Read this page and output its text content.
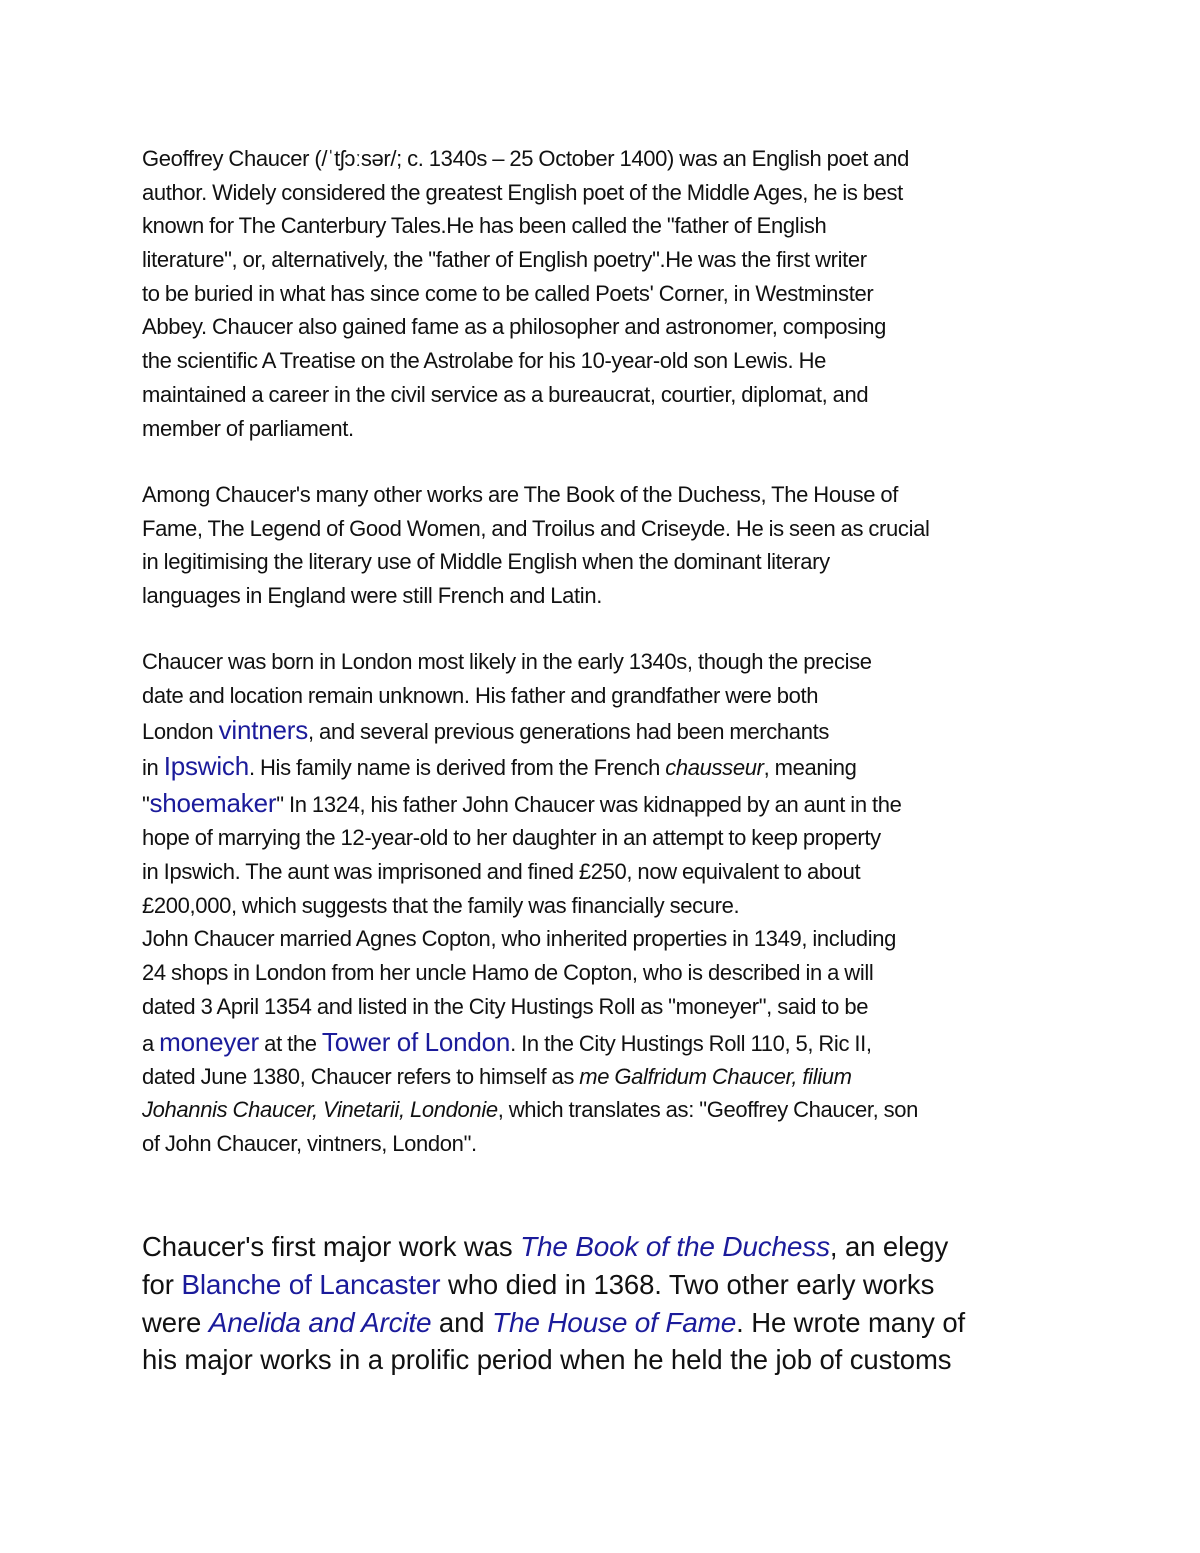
Geoffrey Chaucer (/ˈtʃɔːsər/; c. 1340s – 25 October 1400) was an English poet and
author. Widely considered the greatest English poet of the Middle Ages, he is best
known for The Canterbury Tales.He has been called the "father of English
literature", or, alternatively, the "father of English poetry".He was the first writer
to be buried in what has since come to be called Poets' Corner, in Westminster
Abbey. Chaucer also gained fame as a philosopher and astronomer, composing
the scientific A Treatise on the Astrolabe for his 10-year-old son Lewis. He
maintained a career in the civil service as a bureaucrat, courtier, diplomat, and
member of parliament.
Among Chaucer's many other works are The Book of the Duchess, The House of
Fame, The Legend of Good Women, and Troilus and Criseyde. He is seen as crucial
in legitimising the literary use of Middle English when the dominant literary
languages in England were still French and Latin.
Chaucer was born in London most likely in the early 1340s, though the precise
date and location remain unknown. His father and grandfather were both
London vintners, and several previous generations had been merchants
in Ipswich. His family name is derived from the French chausseur, meaning
"shoemaker" In 1324, his father John Chaucer was kidnapped by an aunt in the
hope of marrying the 12-year-old to her daughter in an attempt to keep property
in Ipswich. The aunt was imprisoned and fined £250, now equivalent to about
£200,000, which suggests that the family was financially secure.
John Chaucer married Agnes Copton, who inherited properties in 1349, including
24 shops in London from her uncle Hamo de Copton, who is described in a will
dated 3 April 1354 and listed in the City Hustings Roll as "moneyer", said to be
a moneyer at the Tower of London. In the City Hustings Roll 110, 5, Ric II,
dated June 1380, Chaucer refers to himself as me Galfridum Chaucer, filium
Johannis Chaucer, Vinetarii, Londonie, which translates as: "Geoffrey Chaucer, son
of John Chaucer, vintners, London".
Chaucer's first major work was The Book of the Duchess, an elegy
for Blanche of Lancaster who died in 1368. Two other early works
were Anelida and Arcite and The House of Fame. He wrote many of
his major works in a prolific period when he held the job of customs
